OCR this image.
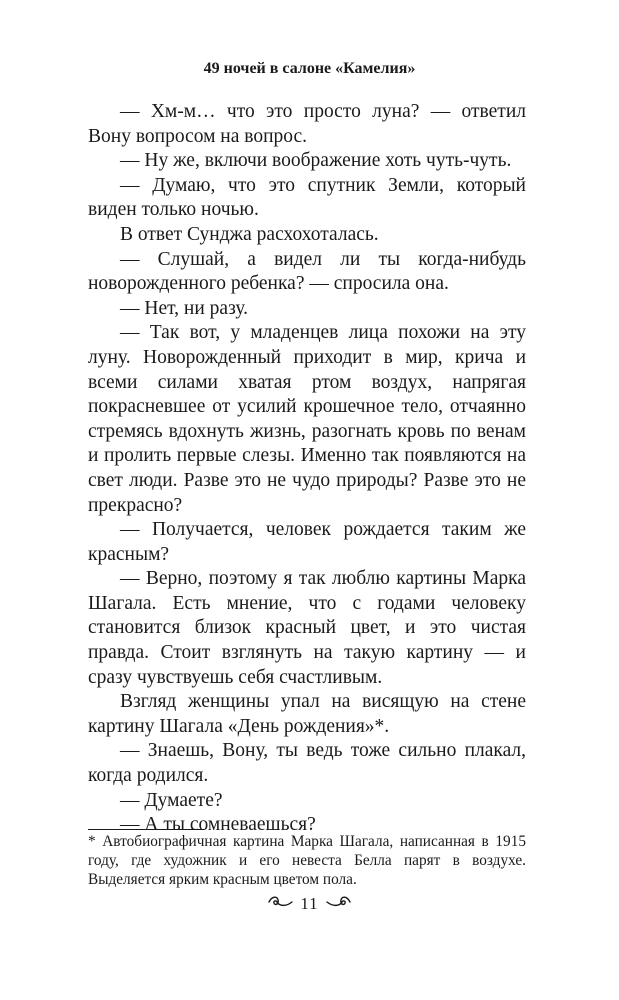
49 ночей в салоне «Камелия»

— Хм-м… что это просто луна? — ответил Вону вопросом на вопрос.

— Ну же, включи воображение хоть чуть-чуть.

— Думаю, что это спутник Земли, который виден только ночью.

В ответ Сунджа расхохоталась.

— Слушай, а видел ли ты когда-нибудь новорожденного ребенка? — спросила она.

— Нет, ни разу.

— Так вот, у младенцев лица похожи на эту луну. Новорожденный приходит в мир, крича и всеми силами хватая ртом воздух, напрягая покрасневшее от усилий крошечное тело, отчаянно стремясь вдохнуть жизнь, разогнать кровь по венам и пролить первые слезы. Именно так появляются на свет люди. Разве это не чудо природы? Разве это не прекрасно?

— Получается, человек рождается таким же красным?

— Верно, поэтому я так люблю картины Марка Шагала. Есть мнение, что с годами человеку становится близок красный цвет, и это чистая правда. Стоит взглянуть на такую картину — и сразу чувствуешь себя счастливым.

Взгляд женщины упал на висящую на стене картину Шагала «День рождения»*.

— Знаешь, Вону, ты ведь тоже сильно плакал, когда родился.

— Думаете?

— А ты сомневаешься?

* Автобиографичная картина Марка Шагала, написанная в 1915 году, где художник и его невеста Белла парят в воздухе. Выделяется ярким красным цветом пола.

11
